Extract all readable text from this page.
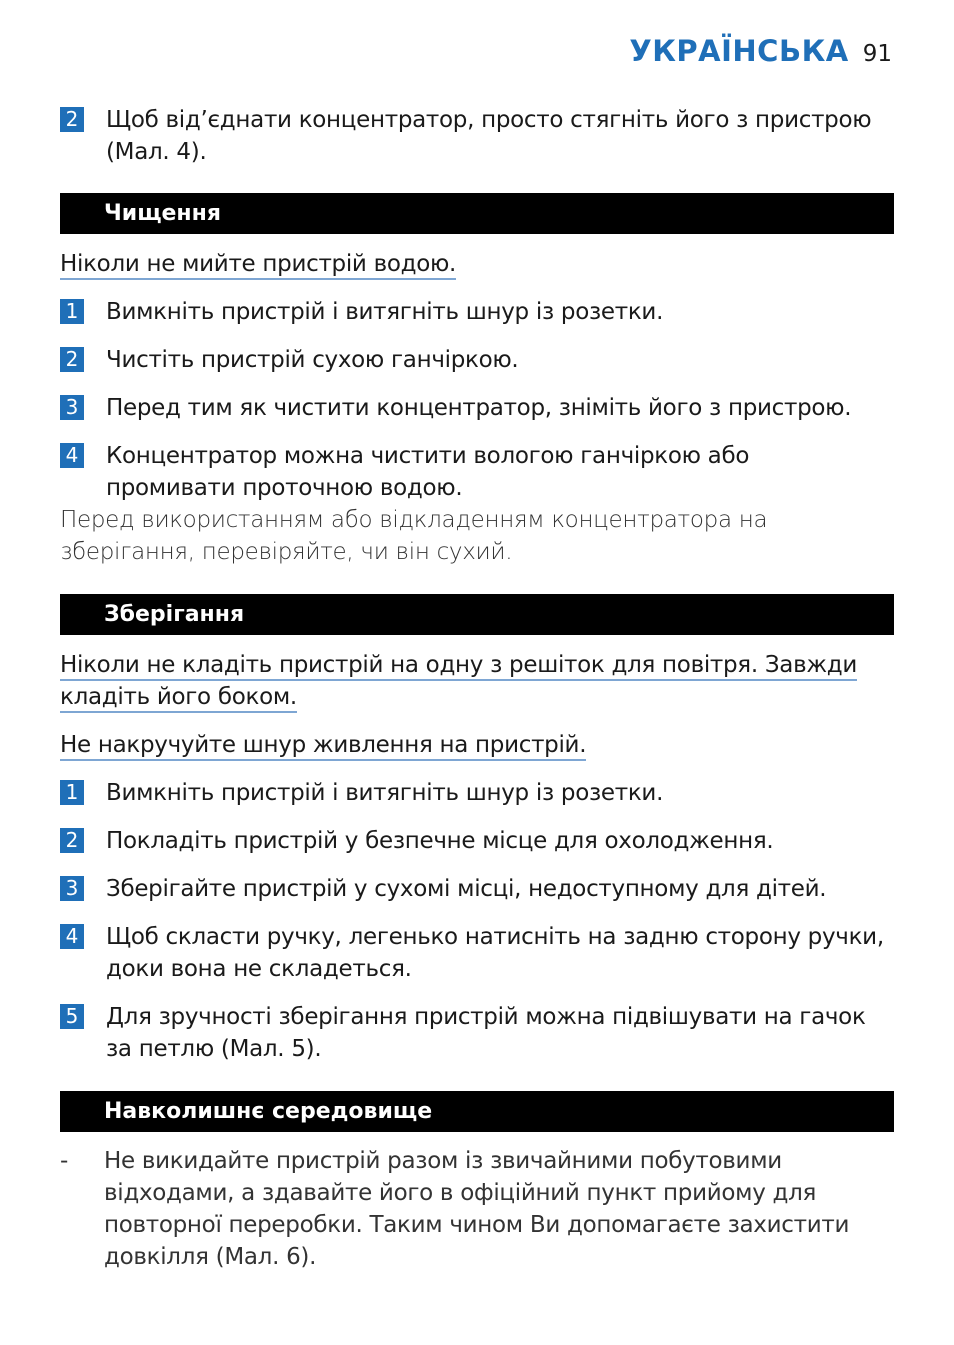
УКРАЇНСЬКА 91
2	Щоб від’єднати концентратор, просто стягніть його з пристрою (Мал. 4).
Чищення
Ніколи не мийте пристрій водою.
1	Вимкніть пристрій і витягніть шнур із розетки.
2	Чистіть пристрій сухою ганчіркою.
3	Перед тим як чистити концентратор, зніміть його з пристрою.
4	Концентратор можна чистити вологою ганчіркою або промивати проточною водою.
Перед використанням або відкладенням концентратора на зберігання, перевіряйте, чи він сухий.
Зберігання
Ніколи не кладіть пристрій на одну з решіток для повітря. Завжди
кладіть його боком.
Не накручуйте шнур живлення на пристрій.
1	Вимкніть пристрій і витягніть шнур із розетки.
2	Покладіть пристрій у безпечне місце для охолодження.
3	Зберігайте пристрій у сухомі місці, недоступному для дітей.
4	Щоб скласти ручку, легенько натисніть на задню сторону ручки, доки вона не складеться.
5	Для зручності зберігання пристрій можна підвішувати на гачок за петлю (Мал. 5).
Навколишнє середовище
-	Не викидайте пристрій разом із звичайними побутовими відходами, а здавайте його в офіційний пункт прийому для повторної переробки. Таким чином Ви допомагаєте захистити довкілля (Мал. 6).
